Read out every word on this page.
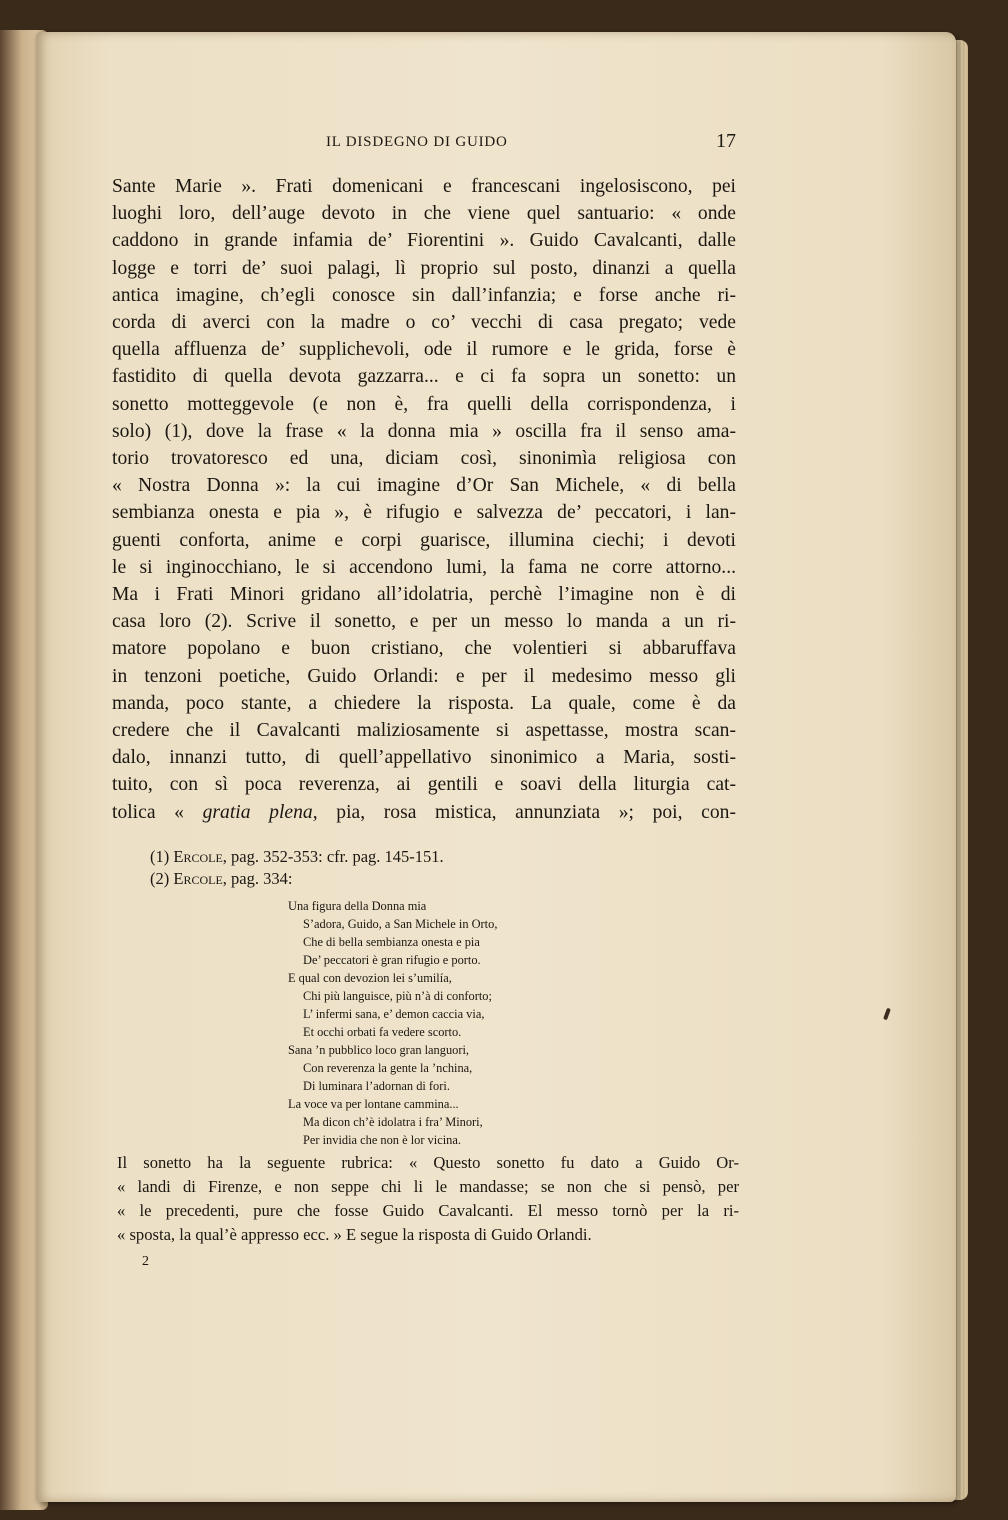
IL DISDEGNO DI GUIDO	17
Sante Marie ». Frati domenicani e francescani ingelosiscono, pei
luoghi loro, dell’auge devoto in che viene quel santuario: « onde
caddono in grande infamia de’ Fiorentini ». Guido Cavalcanti, dalle
logge e torri de’ suoi palagi, lì proprio sul posto, dinanzi a quella
antica imagine, ch’egli conosce sin dall’infanzia; e forse anche ri-
corda di averci con la madre o co’ vecchi di casa pregato; vede
quella affluenza de’ supplichevoli, ode il rumore e le grida, forse è
fastidito di quella devota gazzarra... e ci fa sopra un sonetto: un
sonetto motteggevole (e non è, fra quelli della corrispondenza, i
solo) (1), dove la frase « la donna mia » oscilla fra il senso ama-
torio trovatoresco ed una, diciam così, sinonimìa religiosa con
« Nostra Donna »: la cui imagine d’Or San Michele, « di bella
sembianza onesta e pia », è rifugio e salvezza de’ peccatori, i lan-
guenti conforta, anime e corpi guarisce, illumina ciechi; i devoti
le si inginocchiano, le si accendono lumi, la fama ne corre attorno...
Ma i Frati Minori gridano all’idolatria, perchè l’imagine non è di
casa loro (2). Scrive il sonetto, e per un messo lo manda a un ri-
matore popolano e buon cristiano, che volentieri si abbaruffava
in tenzoni poetiche, Guido Orlandi: e per il medesimo messo gli
manda, poco stante, a chiedere la risposta. La quale, come è da
credere che il Cavalcanti maliziosamente si aspettasse, mostra scan-
dalo, innanzi tutto, di quell’appellativo sinonimico a Maria, sosti-
tuito, con sì poca reverenza, ai gentili e soavi della liturgia cat-
tolica « gratia plena, pia, rosa mistica, annunziata »; poi, con-
(1) Ercole, pag. 352-353: cfr. pag. 145-151.
(2) Ercole, pag. 334:
Una figura della Donna mia
S’adora, Guido, a San Michele in Orto,
Che di bella sembianza onesta e pia
De’ peccatori è gran rifugio e porto.
E qual con devozion lei s’umilía,
Chi più languisce, più n’à di conforto;
L’ infermi sana, e’ demon caccia via,
Et occhi orbati fa vedere scorto.
Sana ’n pubblico loco gran languori,
Con reverenza la gente la ’nchina,
Di luminara l’adornan di fori.
La voce va per lontane cammina...
Ma dicon ch’è idolatra i fra’ Minori,
Per invidia che non è lor vicina.
Il sonetto ha la seguente rubrica: « Questo sonetto fu dato a Guido Or-
« landi di Firenze, e non seppe chi li le mandasse; se non che si pensò, per
« le precedenti, pure che fosse Guido Cavalcanti. El messo tornò per la ri-
« sposta, la qual’è appresso ecc. » E segue la risposta di Guido Orlandi.
2
